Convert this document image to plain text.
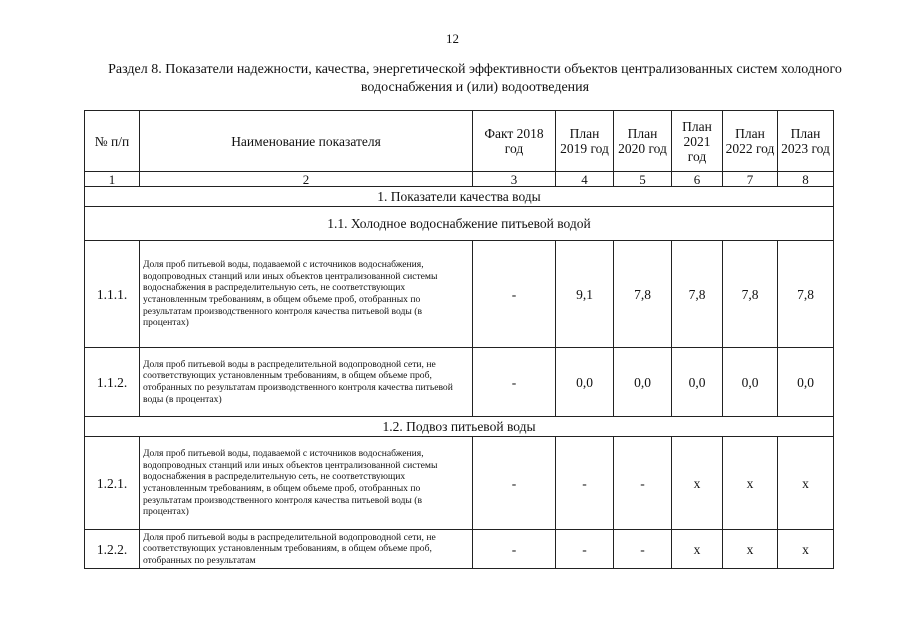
12
Раздел 8. Показатели надежности, качества, энергетической эффективности объектов централизованных систем холодного водоснабжения и (или) водоотведения
№ п/п	Наименование показателя	Факт 2018 год	План 2019 год	План 2020 год	План 2021 год	План 2022 год	План 2023 год
1	2	3	4	5	6	7	8
1. Показатели качества воды							
1.1. Холодное водоснабжение питьевой водой							
1.1.1.	Доля проб питьевой воды, подаваемой с источников водоснабжения, водопроводных станций или иных объектов централизованной системы водоснабжения в распределительную сеть, не соответствующих установленным требованиям, в общем объеме проб, отобранных по результатам производственного контроля качества питьевой воды (в процентах)	-	9,1	7,8	7,8	7,8	7,8
1.1.2.	Доля проб питьевой воды в распределительной водопроводной сети, не соответствующих установленным требованиям, в общем объеме проб, отобранных по результатам производственного контроля качества питьевой воды (в процентах)	-	0,0	0,0	0,0	0,0	0,0
1.2. Подвоз питьевой воды							
1.2.1.	Доля проб питьевой воды, подаваемой с источников водоснабжения, водопроводных станций или иных объектов централизованной системы водоснабжения в распределительную сеть, не соответствующих установленным требованиям, в общем объеме проб, отобранных по результатам производственного контроля качества питьевой воды (в процентах)	-	-	-	x	x	x
1.2.2.	Доля проб питьевой воды в распределительной водопроводной сети, не соответствующих установленным требованиям, в общем объеме проб, отобранных по результатам	-	-	-	x	x	x
